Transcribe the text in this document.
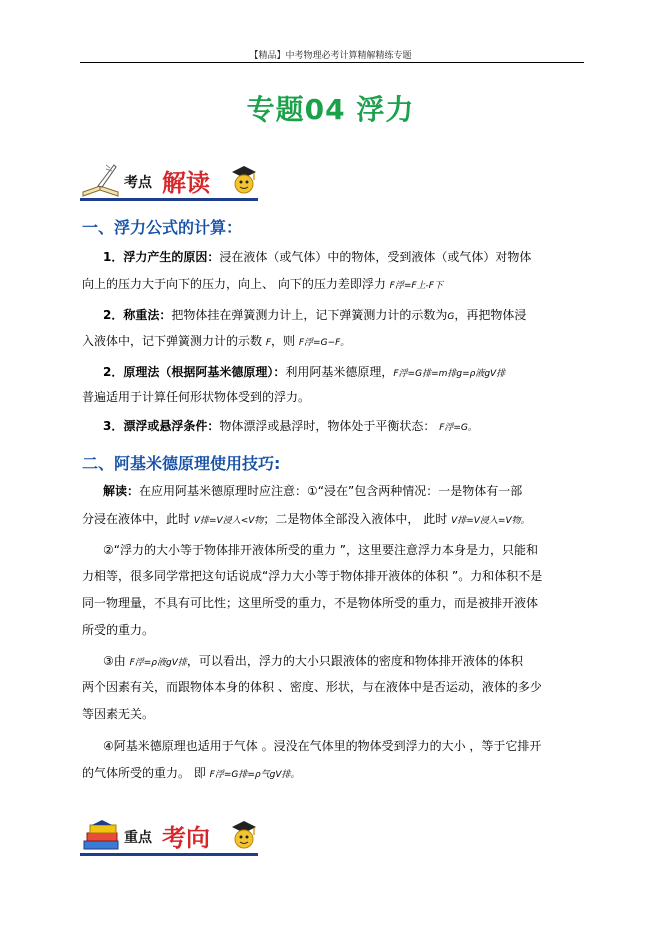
【精品】中考物理必考计算精解精练专题
专题04 浮力
考点 解读
一、浮力公式的计算：
1．浮力产生的原因：浸在液体（或气体）中的物体，受到液体（或气体）对物体
向上的压力大于向下的压力，向上、 向下的压力差即浮力 F浮=F上-F下
2．称重法：把物体挂在弹簧测力计上，记下弹簧测力计的示数为G，再把物体浸
入液体中，记下弹簧测力计的示数 F，则 F浮=G−F。
2．原理法（根据阿基米德原理）：利用阿基米德原理，F浮=G排=m排g=ρ液gV排
普遍适用于计算任何形状物体受到的浮力。
3．漂浮或悬浮条件：物体漂浮或悬浮时，物体处于平衡状态： F浮=G。
二、阿基米德原理使用技巧:
解读：在应用阿基米德原理时应注意：①“浸在”包含两种情况：一是物体有一部
分浸在液体中，此时 V排=V浸入<V物；二是物体全部没入液体中， 此时 V排=V浸入=V物。
②“浮力的大小等于物体排开液体所受的重力 ”，这里要注意浮力本身是力，只能和
力相等，很多同学常把这句话说成“浮力大小等于物体排开液体的体积 ”。力和体积不是
同一物理量，不具有可比性；这里所受的重力，不是物体所受的重力，而是被排开液体
所受的重力。
③由 F浮=ρ液gV排，可以看出，浮力的大小只跟液体的密度和物体排开液体的体积
两个因素有关，而跟物体本身的体积 、密度、形状，与在液体中是否运动，液体的多少
等因素无关。
④阿基米德原理也适用于气体 。浸没在气体里的物体受到浮力的大小 ，等于它排开
的气体所受的重力。 即 F浮=G排=ρ气gV排。
重点 考向
